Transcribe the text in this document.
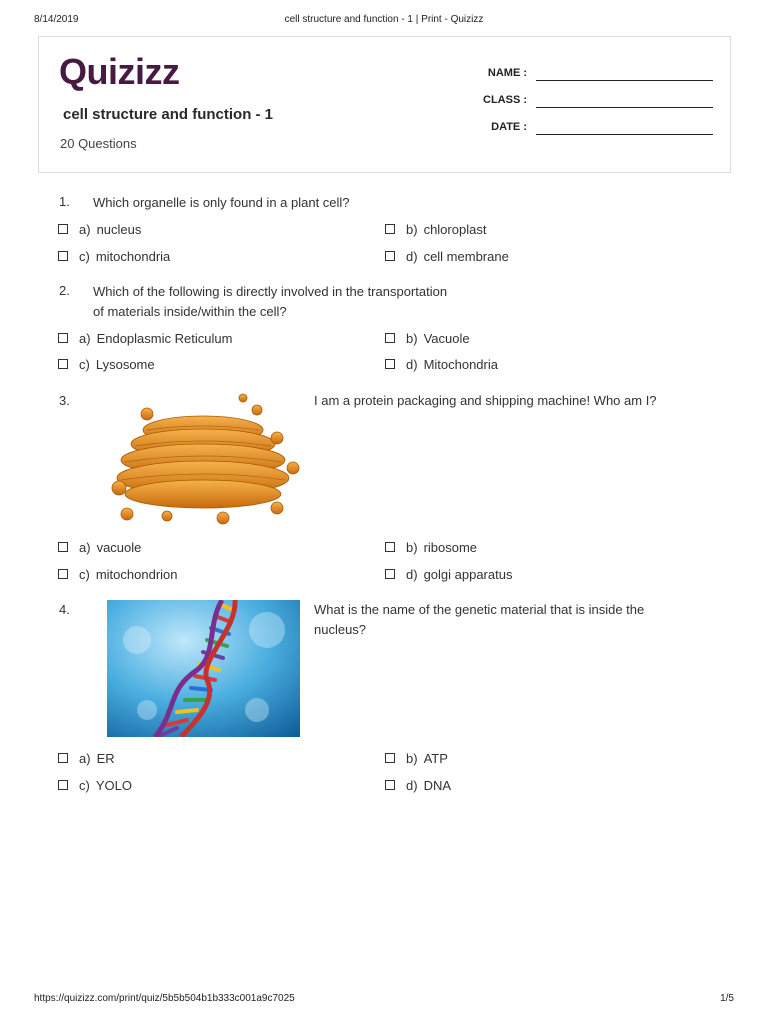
8/14/2019	cell structure and function - 1 | Print - Quizizz
Quizizz
cell structure and function - 1
20 Questions
NAME :
CLASS :
DATE :
1. Which organelle is only found in a plant cell?
a) nucleus	b) chloroplast
c) mitochondria	d) cell membrane
2. Which of the following is directly involved in the transportation
of materials inside/within the cell?
a) Endoplasmic Reticulum	b) Vacuole
c) Lysosome	d) Mitochondria
3.	I am a protein packaging and shipping machine! Who am I?
a) vacuole	b) ribosome
c) mitochondrion	d) golgi apparatus
4.	What is the name of the genetic material that is inside the
nucleus?
a) ER	b) ATP
c) YOLO	d) DNA
https://quizizz.com/print/quiz/5b5b504b1b333c001a9c7025	1/5
